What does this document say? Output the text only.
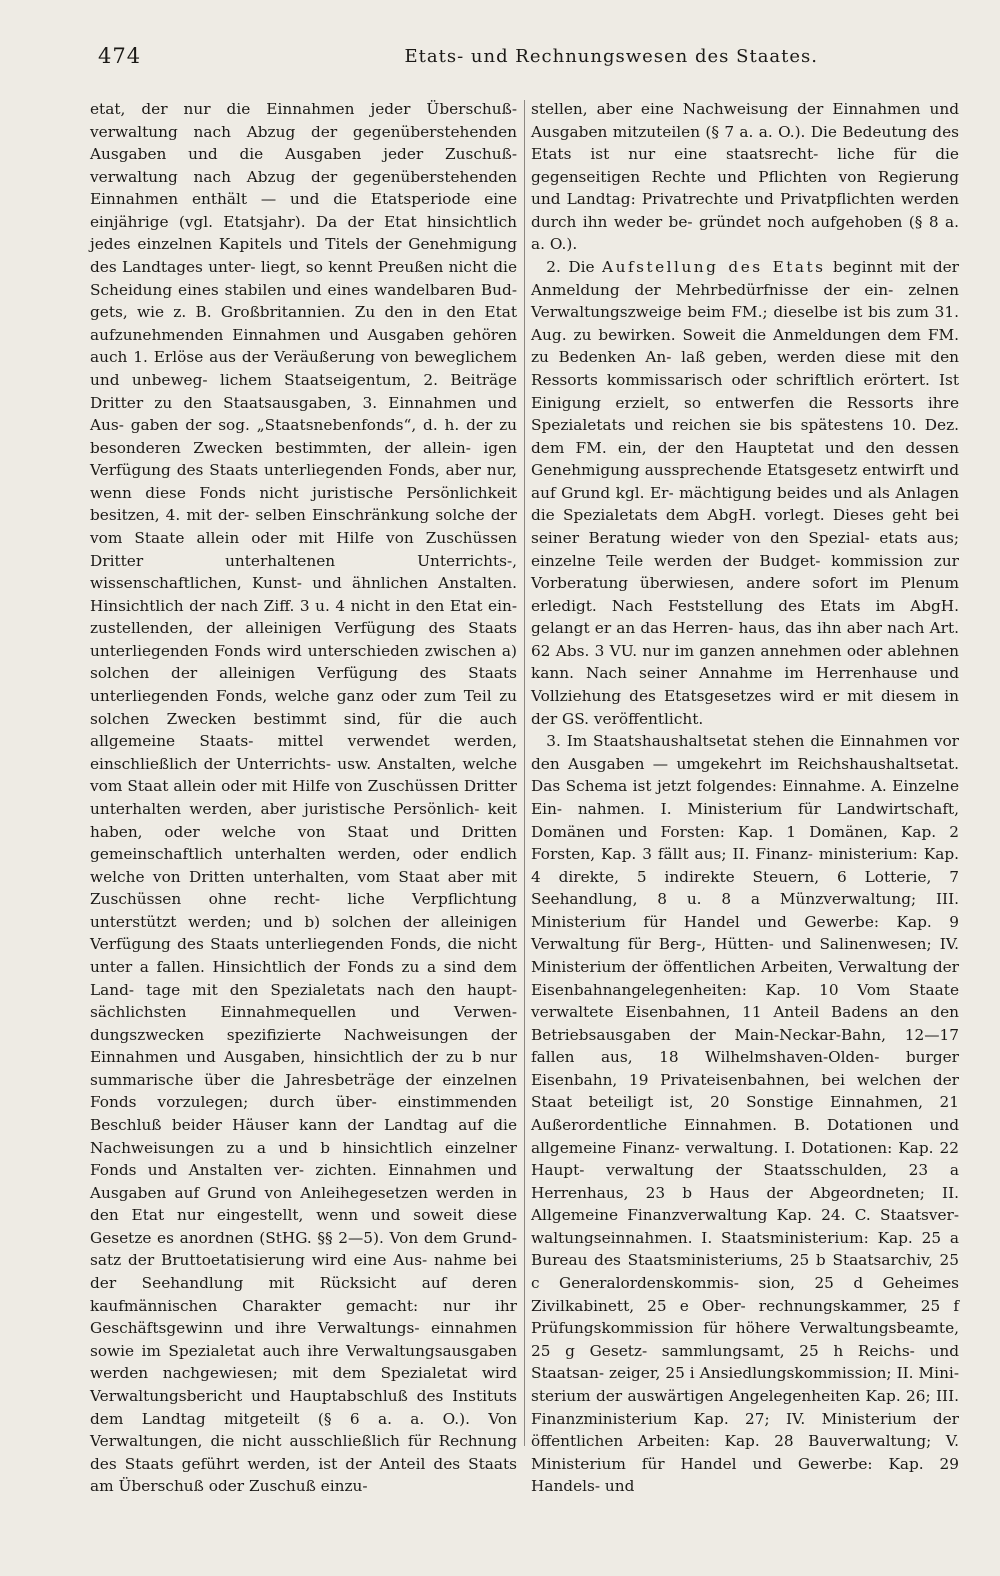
474	Etats- und Rechnungswesen des Staates.

etat, der nur die Einnahmen jeder Überschuß- verwaltung nach Abzug der gegenüberstehenden Ausgaben und die Ausgaben jeder Zuschuß- verwaltung nach Abzug der gegenüberstehenden Einnahmen enthält — und die Etatsperiode eine einjährige (vgl. Etatsjahr). Da der Etat hinsichtlich jedes einzelnen Kapitels und Titels der Genehmigung des Landtages unter- liegt, so kennt Preußen nicht die Scheidung eines stabilen und eines wandelbaren Bud- gets, wie z. B. Großbritannien. Zu den in den Etat aufzunehmenden Einnahmen und Ausgaben gehören auch 1. Erlöse aus der Veräußerung von beweglichem und unbeweg- lichem Staatseigentum, 2. Beiträge Dritter zu den Staatsausgaben, 3. Einnahmen und Aus- gaben der sog. „Staatsnebenfonds“, d. h. der zu besonderen Zwecken bestimmten, der allein- igen Verfügung des Staats unterliegenden Fonds, aber nur, wenn diese Fonds nicht juristische Persönlichkeit besitzen, 4. mit der- selben Einschränkung solche der vom Staate allein oder mit Hilfe von Zuschüssen Dritter unterhaltenen Unterrichts-, wissenschaftlichen, Kunst- und ähnlichen Anstalten. Hinsichtlich der nach Ziff. 3 u. 4 nicht in den Etat ein- zustellenden, der alleinigen Verfügung des Staats unterliegenden Fonds wird unterschieden zwischen a) solchen der alleinigen Verfügung des Staats unterliegenden Fonds, welche ganz oder zum Teil zu solchen Zwecken bestimmt sind, für die auch allgemeine Staats- mittel verwendet werden, einschließlich der Unterrichts- usw. Anstalten, welche vom Staat allein oder mit Hilfe von Zuschüssen Dritter unterhalten werden, aber juristische Persönlich- keit haben, oder welche von Staat und Dritten gemeinschaftlich unterhalten werden, oder endlich welche von Dritten unterhalten, vom Staat aber mit Zuschüssen ohne recht- liche Verpflichtung unterstützt werden; und b) solchen der alleinigen Verfügung des Staats unterliegenden Fonds, die nicht unter a fallen. Hinsichtlich der Fonds zu a sind dem Land- tage mit den Spezialetats nach den haupt- sächlichsten Einnahmequellen und Verwen- dungszwecken spezifizierte Nachweisungen der Einnahmen und Ausgaben, hinsichtlich der zu b nur summarische über die Jahresbeträge der einzelnen Fonds vorzulegen; durch über- einstimmenden Beschluß beider Häuser kann der Landtag auf die Nachweisungen zu a und b hinsichtlich einzelner Fonds und Anstalten ver- zichten. Einnahmen und Ausgaben auf Grund von Anleihegesetzen werden in den Etat nur eingestellt, wenn und soweit diese Gesetze es anordnen (StHG. §§ 2—5). Von dem Grund- satz der Bruttoetatisierung wird eine Aus- nahme bei der Seehandlung mit Rücksicht auf deren kaufmännischen Charakter gemacht: nur ihr Geschäftsgewinn und ihre Verwaltungs- einnahmen sowie im Spezialetat auch ihre Verwaltungsausgaben werden nachgewiesen; mit dem Spezialetat wird Verwaltungsbericht und Hauptabschluß des Instituts dem Landtag mitgeteilt (§ 6 a. a. O.). Von Verwaltungen, die nicht ausschließlich für Rechnung des Staats geführt werden, ist der Anteil des Staats am Überschuß oder Zuschuß einzu-

stellen, aber eine Nachweisung der Einnahmen und Ausgaben mitzuteilen (§ 7 a. a. O.). Die Bedeutung des Etats ist nur eine staatsrecht- liche für die gegenseitigen Rechte und Pflichten von Regierung und Landtag: Privatrechte und Privatpflichten werden durch ihn weder be- gründet noch aufgehoben (§ 8 a. a. O.).

 2. Die Aufstellung des Etats beginnt mit der Anmeldung der Mehrbedürfnisse der ein- zelnen Verwaltungszweige beim FM.; dieselbe ist bis zum 31. Aug. zu bewirken. Soweit die Anmeldungen dem FM. zu Bedenken An- laß geben, werden diese mit den Ressorts kommissarisch oder schriftlich erörtert. Ist Einigung erzielt, so entwerfen die Ressorts ihre Spezialetats und reichen sie bis spätestens 10. Dez. dem FM. ein, der den Hauptetat und den dessen Genehmigung aussprechende Etatsgesetz entwirft und auf Grund kgl. Er- mächtigung beides und als Anlagen die Spezialetats dem AbgH. vorlegt. Dieses geht bei seiner Beratung wieder von den Spezial- etats aus; einzelne Teile werden der Budget- kommission zur Vorberatung überwiesen, andere sofort im Plenum erledigt. Nach Feststellung des Etats im AbgH. gelangt er an das Herren- haus, das ihn aber nach Art. 62 Abs. 3 VU. nur im ganzen annehmen oder ablehnen kann. Nach seiner Annahme im Herrenhause und Vollziehung des Etatsgesetzes wird er mit diesem in der GS. veröffentlicht.

 3. Im Staatshaushaltsetat stehen die Einnahmen vor den Ausgaben — umgekehrt im Reichshaushaltsetat. Das Schema ist jetzt folgendes: Einnahme. A. Einzelne Ein- nahmen. I. Ministerium für Landwirtschaft, Domänen und Forsten: Kap. 1 Domänen, Kap. 2 Forsten, Kap. 3 fällt aus; II. Finanz- ministerium: Kap. 4 direkte, 5 indirekte Steuern, 6 Lotterie, 7 Seehandlung, 8 u. 8 a Münzverwaltung; III. Ministerium für Handel und Gewerbe: Kap. 9 Verwaltung für Berg-, Hütten- und Salinenwesen; IV. Ministerium der öffentlichen Arbeiten, Verwaltung der Eisenbahnangelegenheiten: Kap. 10 Vom Staate verwaltete Eisenbahnen, 11 Anteil Badens an den Betriebsausgaben der Main-Neckar-Bahn, 12—17 fallen aus, 18 Wilhelmshaven-Olden- burger Eisenbahn, 19 Privateisenbahnen, bei welchen der Staat beteiligt ist, 20 Sonstige Einnahmen, 21 Außerordentliche Einnahmen. B. Dotationen und allgemeine Finanz- verwaltung. I. Dotationen: Kap. 22 Haupt- verwaltung der Staatsschulden, 23 a Herrenhaus, 23 b Haus der Abgeordneten; II. Allgemeine Finanzverwaltung Kap. 24. C. Staatsver- waltungseinnahmen. I. Staatsministerium: Kap. 25 a Bureau des Staatsministeriums, 25 b Staatsarchiv, 25 c Generalordenskommis- sion, 25 d Geheimes Zivilkabinett, 25 e Ober- rechnungskammer, 25 f Prüfungskommission für höhere Verwaltungsbeamte, 25 g Gesetz- sammlungsamt, 25 h Reichs- und Staatsan- zeiger, 25 i Ansiedlungskommission; II. Mini- sterium der auswärtigen Angelegenheiten Kap. 26; III. Finanzministerium Kap. 27; IV. Ministerium der öffentlichen Arbeiten: Kap. 28 Bauverwaltung; V. Ministerium für Handel und Gewerbe: Kap. 29 Handels- und
